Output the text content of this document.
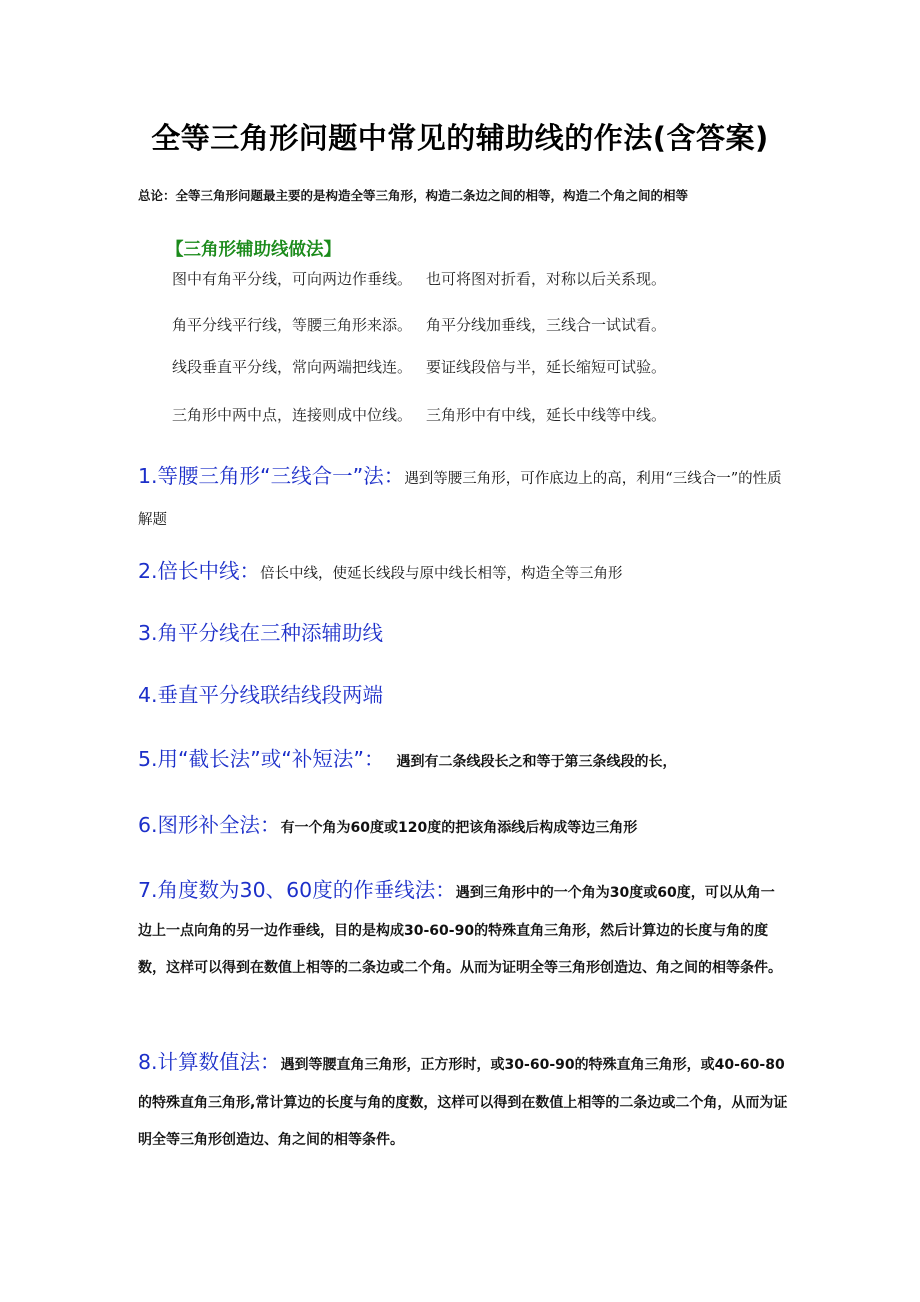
全等三角形问题中常见的辅助线的作法(含答案)
总论：全等三角形问题最主要的是构造全等三角形，构造二条边之间的相等，构造二个角之间的相等
【三角形辅助线做法】
图中有角平分线，可向两边作垂线。 也可将图对折看，对称以后关系现。
角平分线平行线，等腰三角形来添。 角平分线加垂线，三线合一试试看。
线段垂直平分线，常向两端把线连。 要证线段倍与半，延长缩短可试验。
三角形中两中点，连接则成中位线。 三角形中有中线，延长中线等中线。
1.等腰三角形“三线合一”法：遇到等腰三角形，可作底边上的高，利用“三线合一”的性质解题
2.倍长中线：倍长中线，使延长线段与原中线长相等，构造全等三角形
3.角平分线在三种添辅助线
4.垂直平分线联结线段两端
5.用“截长法”或“补短法”： 遇到有二条线段长之和等于第三条线段的长，
6.图形补全法：有一个角为60度或120度的把该角添线后构成等边三角形
7.角度数为30、60度的作垂线法：遇到三角形中的一个角为30度或60度，可以从角一边上一点向角的另一边作垂线，目的是构成30-60-90的特殊直角三角形，然后计算边的长度与角的度数，这样可以得到在数值上相等的二条边或二个角。从而为证明全等三角形创造边、角之间的相等条件。
8.计算数值法：遇到等腰直角三角形，正方形时，或30-60-90的特殊直角三角形，或40-60-80的特殊直角三角形,常计算边的长度与角的度数，这样可以得到在数值上相等的二条边或二个角，从而为证明全等三角形创造边、角之间的相等条件。
